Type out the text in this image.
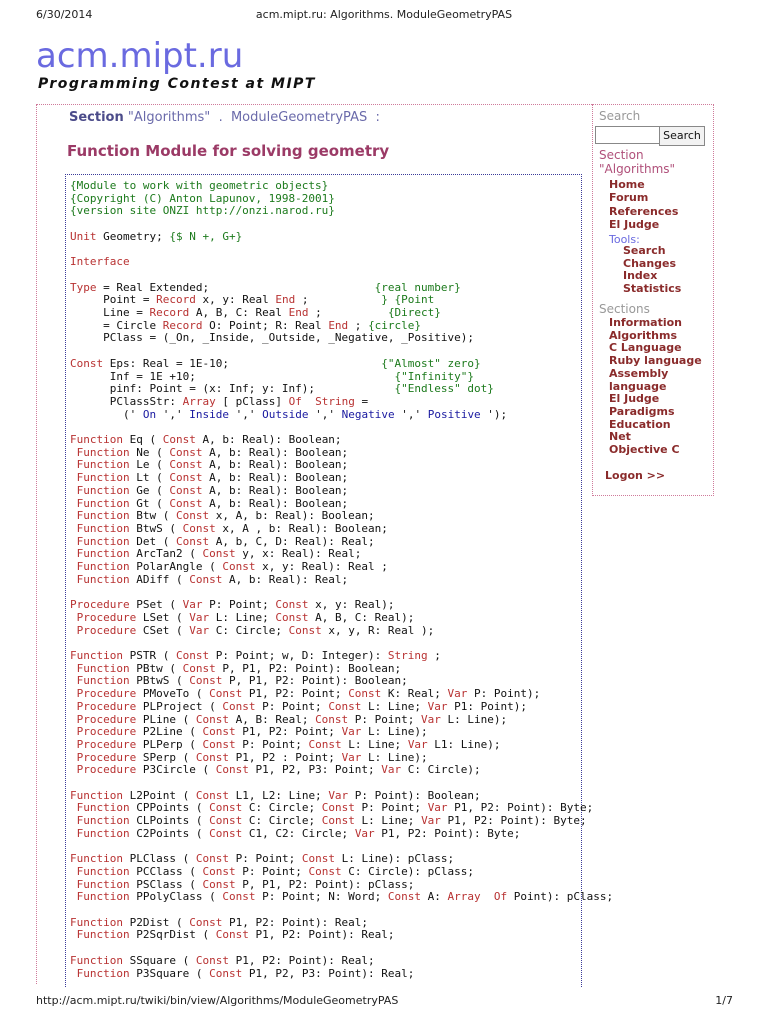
6/30/2014	acm.mipt.ru: Algorithms. ModuleGeometryPAS
acm.mipt.ru
Programming Contest at MIPT
Section "Algorithms" . ModuleGeometryPAS :
Function Module for solving geometry
{Module to work with geometric objects}
{Copyright (C) Anton Lapunov, 1998-2001}
{version site ONZI http://onzi.narod.ru}

Unit Geometry; {$ N +, G+}

Interface

Type = Real Extended;                         {real number}
Point = Record x, y: Real End ;           } {Point
Line = Record A, B, C: Real End ;          {Direct}
= Circle Record O: Point; R: Real End ; {circle}
PClass = (_On, _Inside, _Outside, _Negative, _Positive);

Const Eps: Real = 1E-10;                       {"Almost" zero}
Inf = 1E +10;                              {"Infinity"}
pinf: Point = (x: Inf; y: Inf);            {"Endless" dot}
PClassStr: Array [ pClass] Of String =
(' On ',' Inside ',' Outside ',' Negative ',' Positive ');

Function Eq ( Const A, b: Real): Boolean;
Function Ne ( Const A, b: Real): Boolean;
Function Le ( Const A, b: Real): Boolean;
Function Lt ( Const A, b: Real): Boolean;
Function Ge ( Const A, b: Real): Boolean;
Function Gt ( Const A, b: Real): Boolean;
Function Btw ( Const x, A, b: Real): Boolean;
Function BtwS ( Const x, A , b: Real): Boolean;
Function Det ( Const A, b, C, D: Real): Real;
Function ArcTan2 ( Const y, x: Real): Real;
Function PolarAngle ( Const x, y: Real): Real ;
Function ADiff ( Const A, b: Real): Real;

Procedure PSet ( Var P: Point; Const x, y: Real);
Procedure LSet ( Var L: Line; Const A, B, C: Real);
Procedure CSet ( Var C: Circle; Const x, y, R: Real );

Function PSTR ( Const P: Point; w, D: Integer): String ;
Function PBtw ( Const P, P1, P2: Point): Boolean;
Function PBtwS ( Const P, P1, P2: Point): Boolean;
Procedure PMoveTo ( Const P1, P2: Point; Const K: Real; Var P: Point);
Procedure PLProject ( Const P: Point; Const L: Line; Var P1: Point);
Procedure PLine ( Const A, B: Real; Const P: Point; Var L: Line);
Procedure P2Line ( Const P1, P2: Point; Var L: Line);
Procedure PLPerp ( Const P: Point; Const L: Line; Var L1: Line);
Procedure SPerp ( Const P1, P2 : Point; Var L: Line);
Procedure P3Circle ( Const P1, P2, P3: Point; Var C: Circle);

Function L2Point ( Const L1, L2: Line; Var P: Point): Boolean;
Function CPPoints ( Const C: Circle; Const P: Point; Var P1, P2: Point): Byte;
Function CLPoints ( Const C: Circle; Const L: Line; Var P1, P2: Point): Byte;
Function C2Points ( Const C1, C2: Circle; Var P1, P2: Point): Byte;

Function PLClass ( Const P: Point; Const L: Line): pClass;
Function PCClass ( Const P: Point; Const C: Circle): pClass;
Function PSClass ( Const P, P1, P2: Point): pClass;
Function PPolyClass ( Const P: Point; N: Word; Const A: Array Of Point): pClass;

Function P2Dist ( Const P1, P2: Point): Real;
Function P2SqrDist ( Const P1, P2: Point): Real;

Function SSquare ( Const P1, P2: Point): Real;
Function P3Square ( Const P1, P2, P3: Point): Real;

Search
Search
Section
"Algorithms"
Home
Forum
References
El Judge
Tools:
Search
Changes
Index
Statistics
Sections
Information
Algorithms
C Language
Ruby language
Assembly
language
El Judge
Paradigms
Education
Net
Objective C
Logon >>
http://acm.mipt.ru/twiki/bin/view/Algorithms/ModuleGeometryPAS	1/7
